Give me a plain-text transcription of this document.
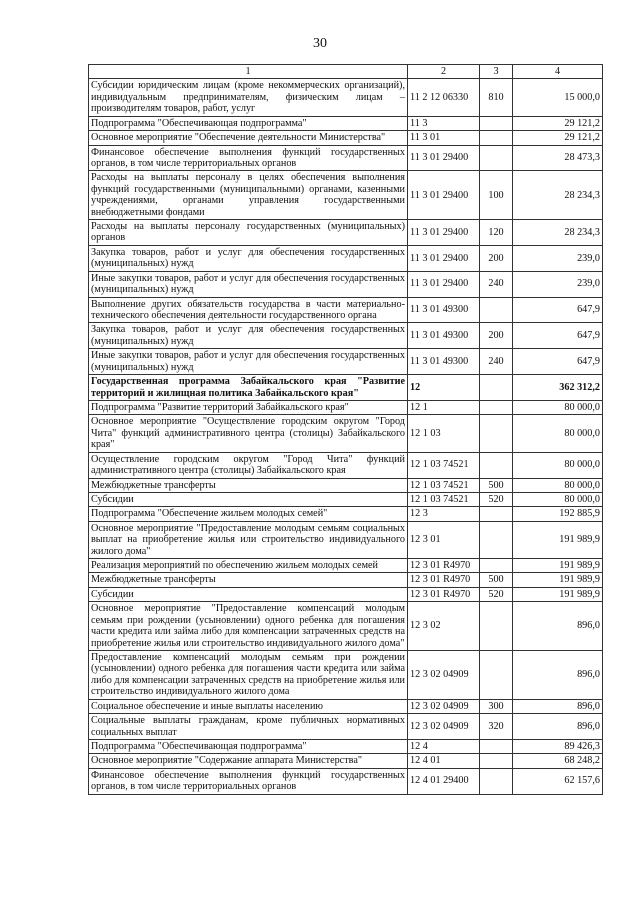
30
1	2	3	4
Субсидии юридическим лицам (кроме некоммерческих организаций), индивидуальным предпринимателям, физическим лицам – производителям товаров, работ, услуг	11 2 12 06330	810	15 000,0
Подпрограмма "Обеспечивающая подпрограмма"	11 3		29 121,2
Основное мероприятие "Обеспечение деятельности Министерства"	11 3 01		29 121,2
Финансовое обеспечение выполнения функций государственных органов, в том числе территориальных органов	11 3 01 29400		28 473,3
Расходы на выплаты персоналу в целях обеспечения выполнения функций государственными (муниципальными) органами, казенными учреждениями, органами управления государственными внебюджетными фондами	11 3 01 29400	100	28 234,3
Расходы на выплаты персоналу государственных (муниципальных) органов	11 3 01 29400	120	28 234,3
Закупка товаров, работ и услуг для обеспечения государственных (муниципальных) нужд	11 3 01 29400	200	239,0
Иные закупки товаров, работ и услуг для обеспечения государственных (муниципальных) нужд	11 3 01 29400	240	239,0
Выполнение других обязательств государства в части материально-технического обеспечения деятельности государственного органа	11 3 01 49300		647,9
Закупка товаров, работ и услуг для обеспечения государственных (муниципальных) нужд	11 3 01 49300	200	647,9
Иные закупки товаров, работ и услуг для обеспечения государственных (муниципальных) нужд	11 3 01 49300	240	647,9
Государственная программа Забайкальского края "Развитие территорий и жилищная политика Забайкальского края"	12		362 312,2
Подпрограмма "Развитие территорий Забайкальского края"	12 1		80 000,0
Основное мероприятие "Осуществление городским округом "Город Чита" функций административного центра (столицы) Забайкальского края"	12 1 03		80 000,0
Осуществление городским округом "Город Чита" функций административного центра (столицы) Забайкальского края	12 1 03 74521		80 000,0
Межбюджетные трансферты	12 1 03 74521	500	80 000,0
Субсидии	12 1 03 74521	520	80 000,0
Подпрограмма "Обеспечение жильем молодых семей"	12 3		192 885,9
Основное мероприятие "Предоставление молодым семьям социальных выплат на приобретение жилья или строительство индивидуального жилого дома"	12 3 01		191 989,9
Реализация мероприятий по обеспечению жильем молодых семей	12 3 01 R4970		191 989,9
Межбюджетные трансферты	12 3 01 R4970	500	191 989,9
Субсидии	12 3 01 R4970	520	191 989,9
Основное мероприятие "Предоставление компенсаций молодым семьям при рождении (усыновлении) одного ребенка для погашения части кредита или займа либо для компенсации затраченных средств на приобретение жилья или строительство индивидуального жилого дома"	12 3 02		896,0
Предоставление компенсаций молодым семьям при рождении (усыновлении) одного ребенка для погашения части кредита или займа либо для компенсации затраченных средств на приобретение жилья или строительство индивидуального жилого дома	12 3 02 04909		896,0
Социальное обеспечение и иные выплаты населению	12 3 02 04909	300	896,0
Социальные выплаты гражданам, кроме публичных нормативных социальных выплат	12 3 02 04909	320	896,0
Подпрограмма "Обеспечивающая подпрограмма"	12 4		89 426,3
Основное мероприятие "Содержание аппарата Министерства"	12 4 01		68 248,2
Финансовое обеспечение выполнения функций государственных органов, в том числе территориальных органов	12 4 01 29400		62 157,6
